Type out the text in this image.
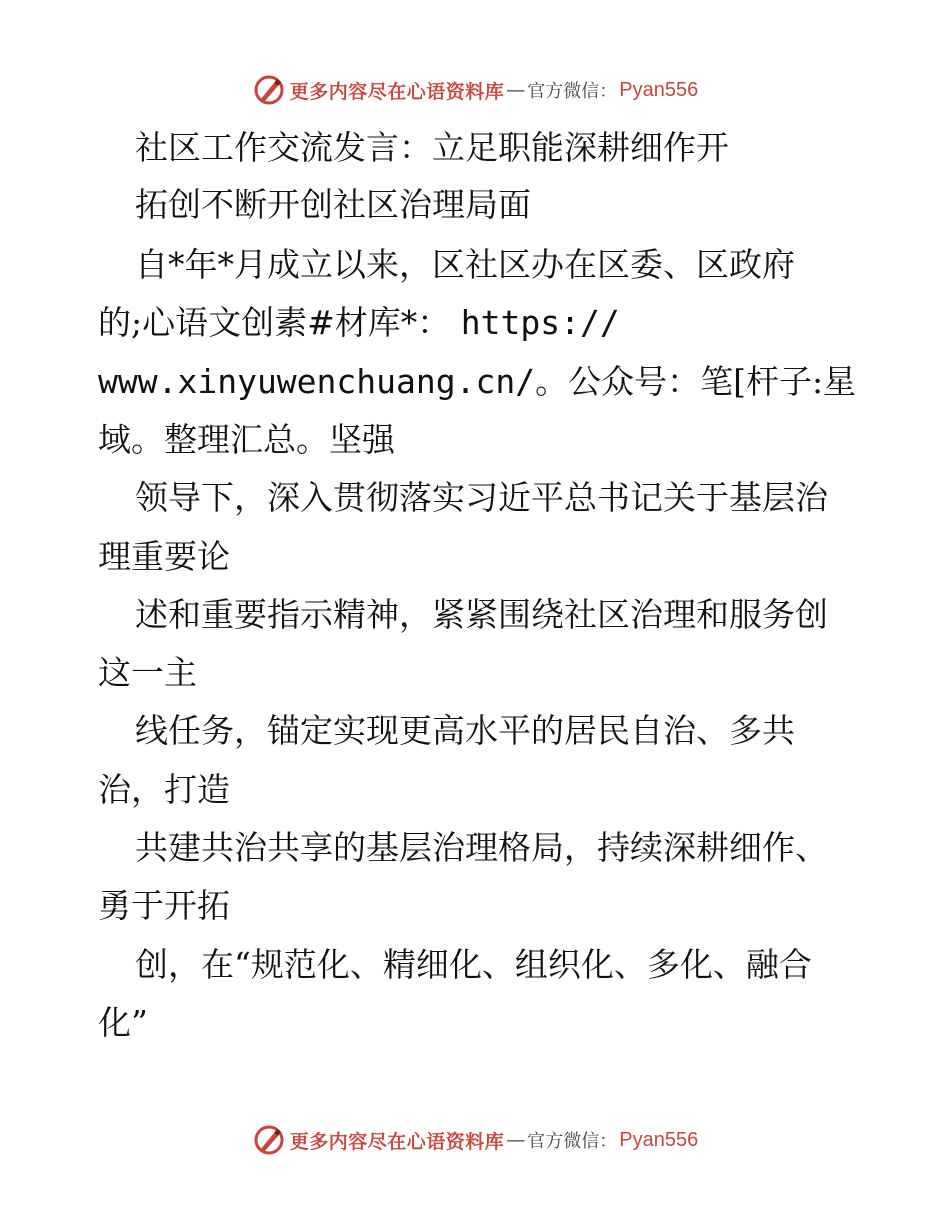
更多内容尽在心语资料库 — 官方微信： Pyan556
社区工作交流发言：立足职能深耕细作开
拓创不断开创社区治理局面
自*年*月成立以来，区社区办在区委、区政府
的;心语文创素#材库*： https://
www.xinyuwenchuang.cn/。公众号：笔[杆子:星
域。整理汇总。坚强
领导下，深入贯彻落实习近平总书记关于基层治
理重要论
述和重要指示精神，紧紧围绕社区治理和服务创
这一主
线任务，锚定实现更高水平的居民自治、多共
治，打造
共建共治共享的基层治理格局，持续深耕细作、
勇于开拓
创，在“规范化、精细化、组织化、多化、融合
化”
更多内容尽在心语资料库 — 官方微信： Pyan556
